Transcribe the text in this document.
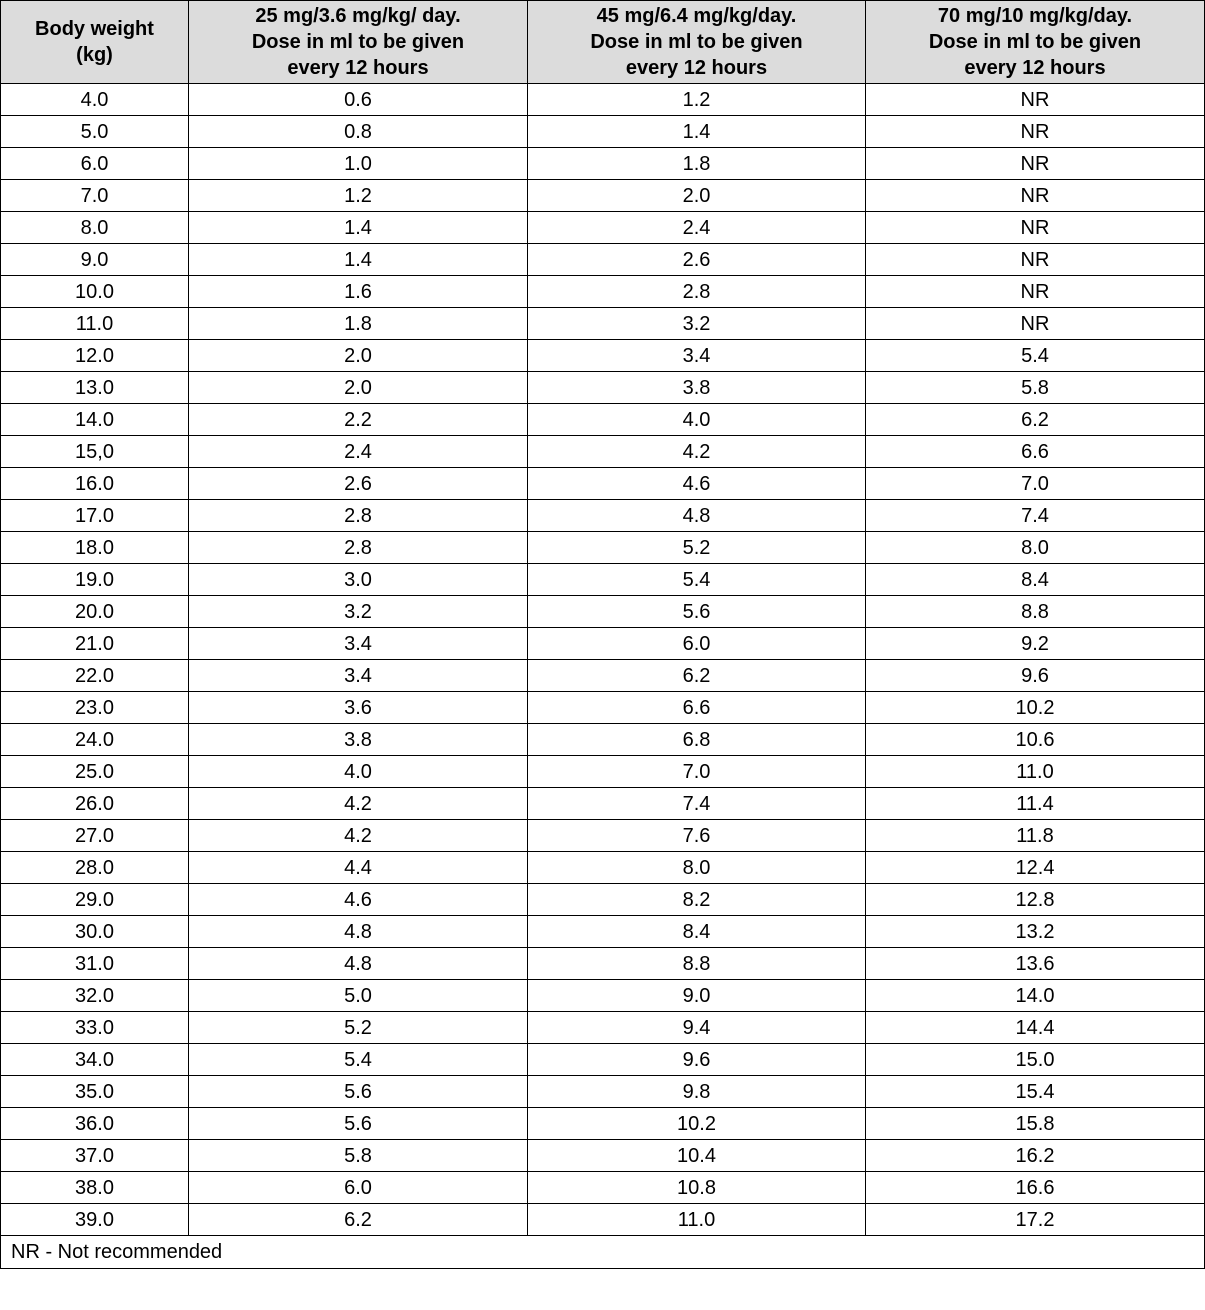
Body weight
(kg)	25 mg/3.6 mg/kg/ day.
Dose in ml to be given
every 12 hours	45 mg/6.4 mg/kg/day.
Dose in ml to be given
every 12 hours	70 mg/10 mg/kg/day.
Dose in ml to be given
every 12 hours

4.0	0.6	1.2	NR
5.0	0.8	1.4	NR
6.0	1.0	1.8	NR
7.0	1.2	2.0	NR
8.0	1.4	2.4	NR
9.0	1.4	2.6	NR
10.0	1.6	2.8	NR
11.0	1.8	3.2	NR
12.0	2.0	3.4	5.4
13.0	2.0	3.8	5.8
14.0	2.2	4.0	6.2
15,0	2.4	4.2	6.6
16.0	2.6	4.6	7.0
17.0	2.8	4.8	7.4
18.0	2.8	5.2	8.0
19.0	3.0	5.4	8.4
20.0	3.2	5.6	8.8
21.0	3.4	6.0	9.2
22.0	3.4	6.2	9.6
23.0	3.6	6.6	10.2
24.0	3.8	6.8	10.6
25.0	4.0	7.0	11.0
26.0	4.2	7.4	11.4
27.0	4.2	7.6	11.8
28.0	4.4	8.0	12.4
29.0	4.6	8.2	12.8
30.0	4.8	8.4	13.2
31.0	4.8	8.8	13.6
32.0	5.0	9.0	14.0
33.0	5.2	9.4	14.4
34.0	5.4	9.6	15.0
35.0	5.6	9.8	15.4
36.0	5.6	10.2	15.8
37.0	5.8	10.4	16.2
38.0	6.0	10.8	16.6
39.0	6.2	11.0	17.2
NR - Not recommended			
